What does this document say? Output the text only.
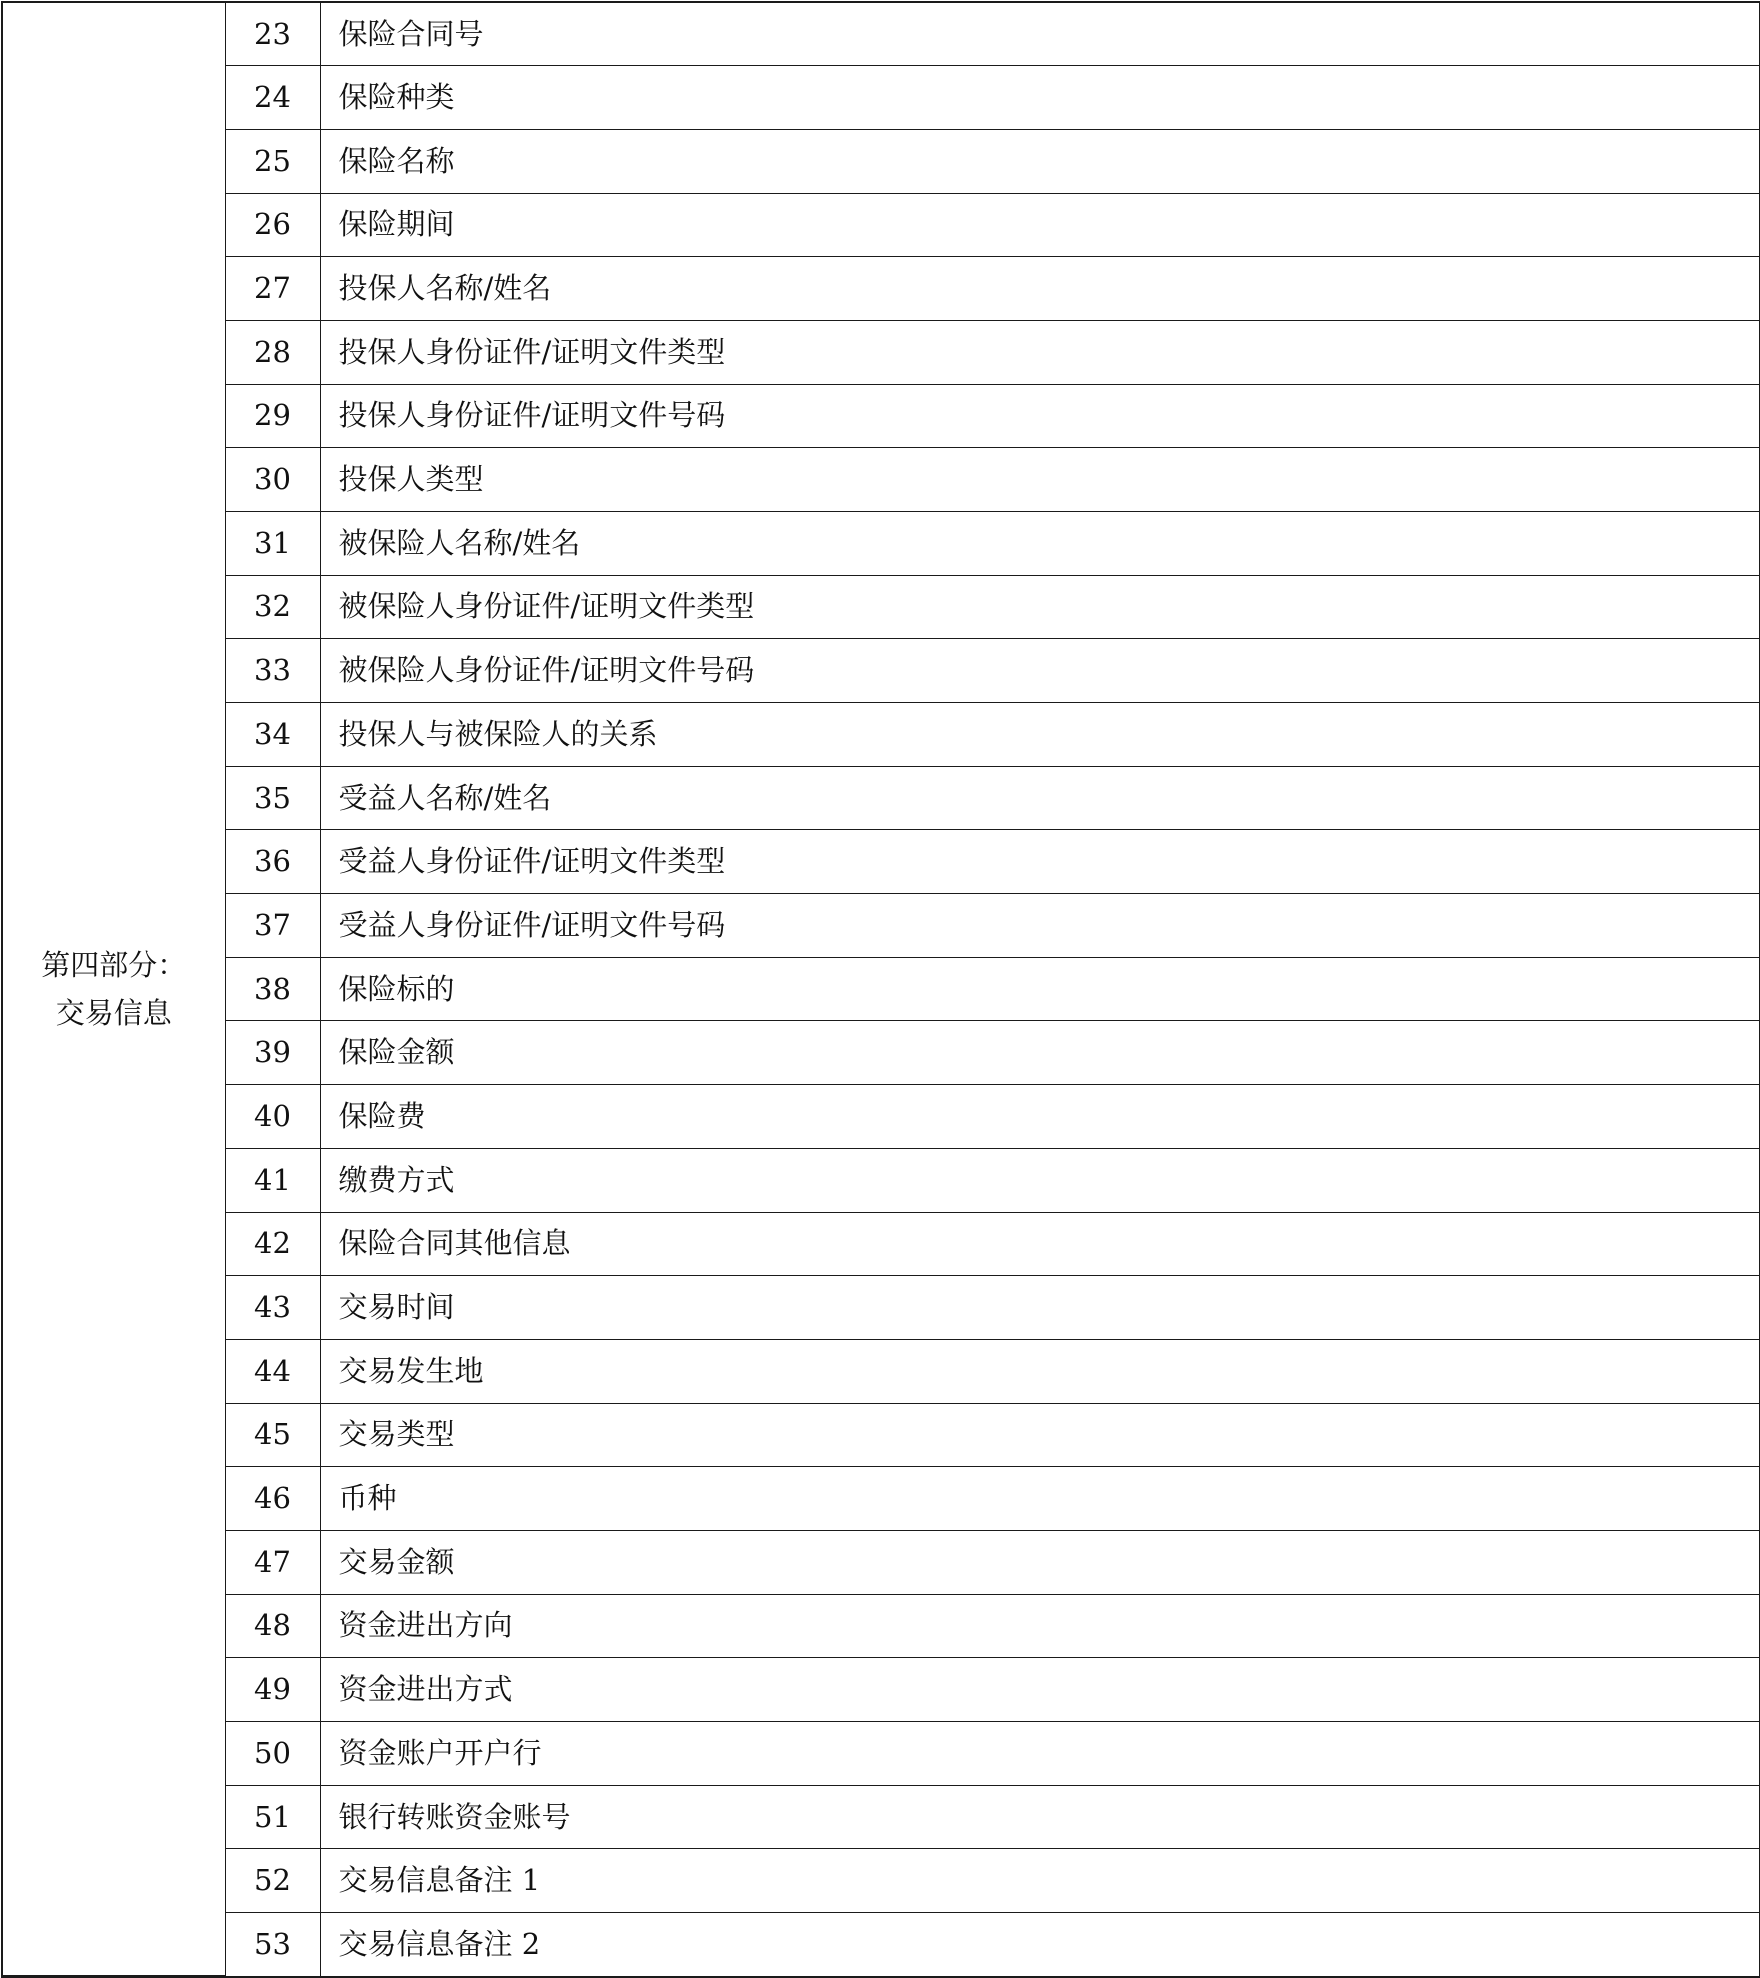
第四部分：
交易信息	23	保险合同号
	24	保险种类
	25	保险名称
	26	保险期间
	27	投保人名称/姓名
	28	投保人身份证件/证明文件类型
	29	投保人身份证件/证明文件号码
	30	投保人类型
	31	被保险人名称/姓名
	32	被保险人身份证件/证明文件类型
	33	被保险人身份证件/证明文件号码
	34	投保人与被保险人的关系
	35	受益人名称/姓名
	36	受益人身份证件/证明文件类型
	37	受益人身份证件/证明文件号码
	38	保险标的
	39	保险金额
	40	保险费
	41	缴费方式
	42	保险合同其他信息
	43	交易时间
	44	交易发生地
	45	交易类型
	46	币种
	47	交易金额
	48	资金进出方向
	49	资金进出方式
	50	资金账户开户行
	51	银行转账资金账号
	52	交易信息备注 1
	53	交易信息备注 2
